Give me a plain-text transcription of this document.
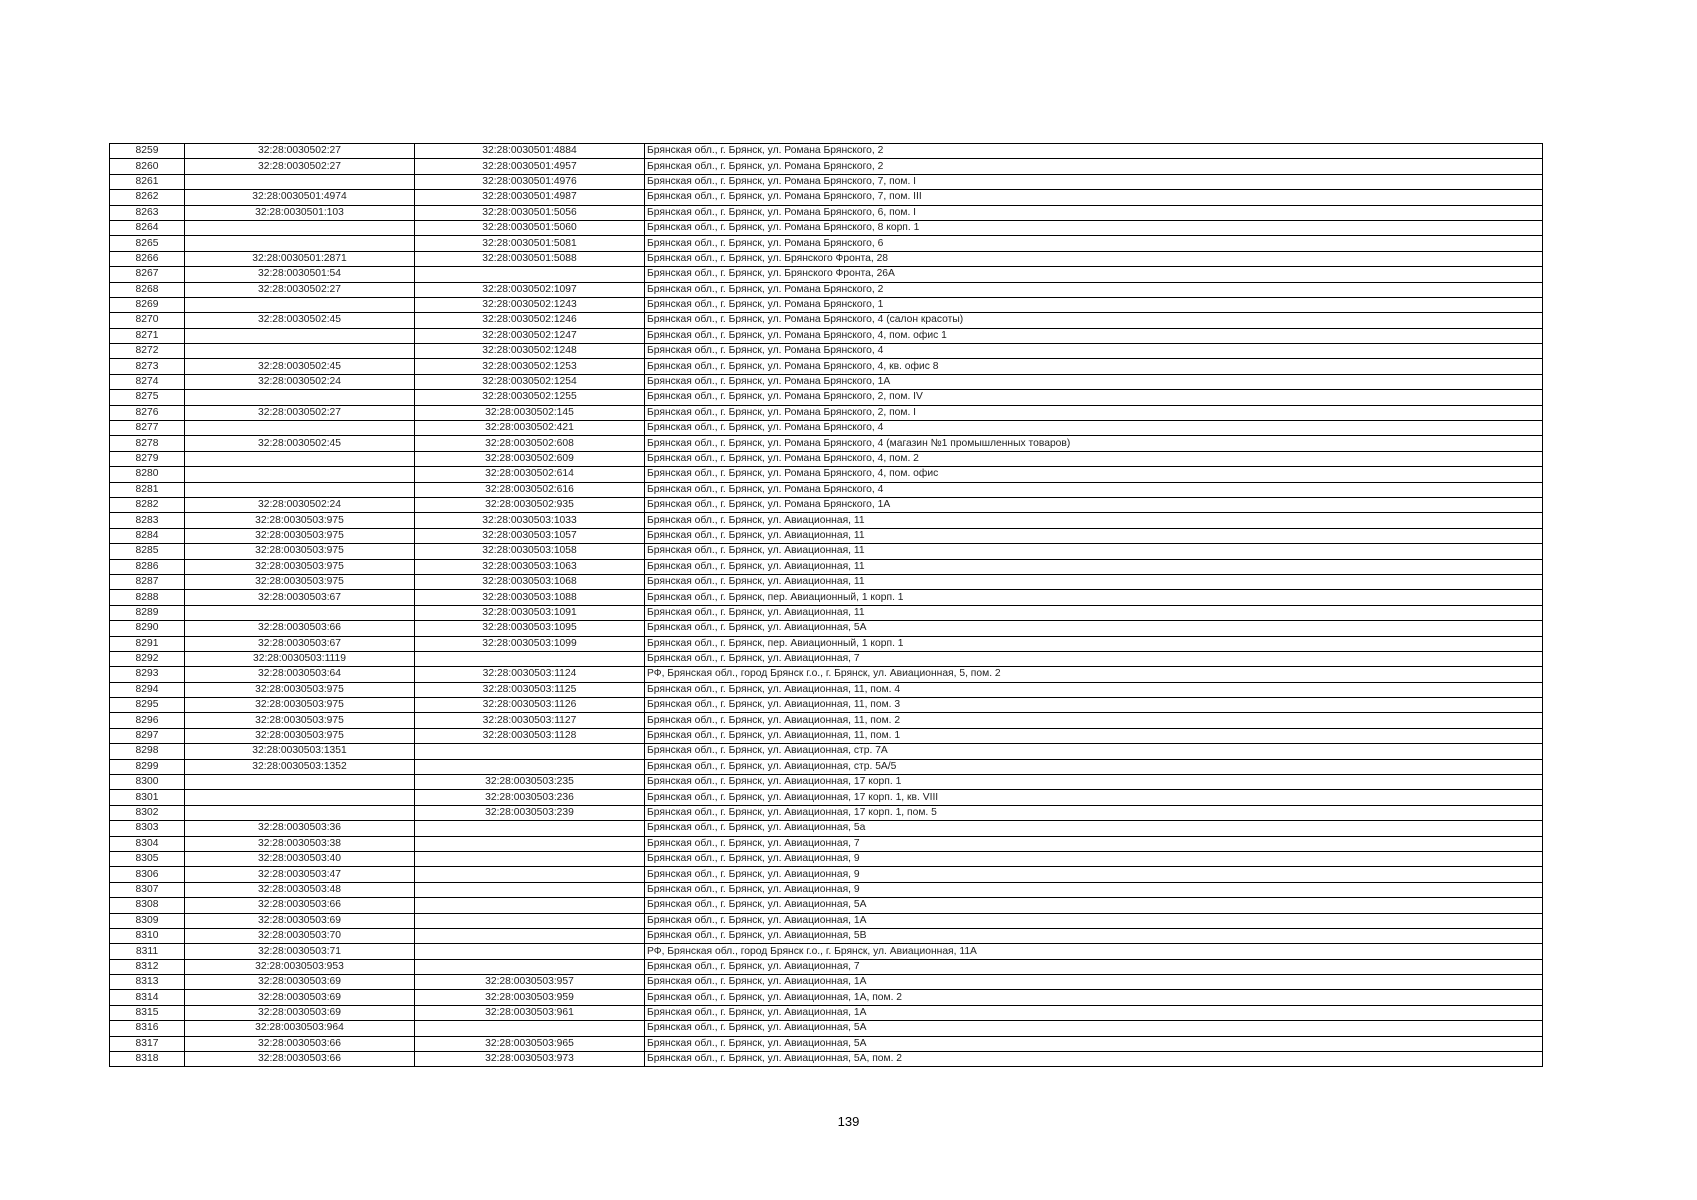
8259	32:28:0030502:27	32:28:0030501:4884	Брянская обл., г. Брянск, ул. Романа Брянского, 2
8260	32:28:0030502:27	32:28:0030501:4957	Брянская обл., г. Брянск, ул. Романа Брянского, 2
8261		32:28:0030501:4976	Брянская обл., г. Брянск, ул. Романа Брянского, 7, пом. I
8262	32:28:0030501:4974	32:28:0030501:4987	Брянская обл., г. Брянск, ул. Романа Брянского, 7, пом. III
8263	32:28:0030501:103	32:28:0030501:5056	Брянская обл., г. Брянск, ул. Романа Брянского, 6, пом. I
8264		32:28:0030501:5060	Брянская обл., г. Брянск, ул. Романа Брянского, 8 корп. 1
8265		32:28:0030501:5081	Брянская обл., г. Брянск, ул. Романа Брянского, 6
8266	32:28:0030501:2871	32:28:0030501:5088	Брянская обл., г. Брянск, ул. Брянского Фронта, 28
8267	32:28:0030501:54		Брянская обл., г. Брянск, ул. Брянского Фронта, 26А
8268	32:28:0030502:27	32:28:0030502:1097	Брянская обл., г. Брянск, ул. Романа Брянского, 2
8269		32:28:0030502:1243	Брянская обл., г. Брянск, ул. Романа Брянского, 1
8270	32:28:0030502:45	32:28:0030502:1246	Брянская обл., г. Брянск, ул. Романа Брянского, 4 (салон красоты)
8271		32:28:0030502:1247	Брянская обл., г. Брянск, ул. Романа Брянского, 4, пом. офис 1
8272		32:28:0030502:1248	Брянская обл., г. Брянск, ул. Романа Брянского, 4
8273	32:28:0030502:45	32:28:0030502:1253	Брянская обл., г. Брянск, ул. Романа Брянского, 4, кв. офис 8
8274	32:28:0030502:24	32:28:0030502:1254	Брянская обл., г. Брянск, ул. Романа Брянского, 1А
8275		32:28:0030502:1255	Брянская обл., г. Брянск, ул. Романа Брянского, 2, пом. IV
8276	32:28:0030502:27	32:28:0030502:145	Брянская обл., г. Брянск, ул. Романа Брянского, 2, пом. I
8277		32:28:0030502:421	Брянская обл., г. Брянск, ул. Романа Брянского, 4
8278	32:28:0030502:45	32:28:0030502:608	Брянская обл., г. Брянск, ул. Романа Брянского, 4 (магазин №1 промышленных товаров)
8279		32:28:0030502:609	Брянская обл., г. Брянск, ул. Романа Брянского, 4, пом. 2
8280		32:28:0030502:614	Брянская обл., г. Брянск, ул. Романа Брянского, 4, пом. офис
8281		32:28:0030502:616	Брянская обл., г. Брянск, ул. Романа Брянского, 4
8282	32:28:0030502:24	32:28:0030502:935	Брянская обл., г. Брянск, ул. Романа Брянского, 1А
8283	32:28:0030503:975	32:28:0030503:1033	Брянская обл., г. Брянск, ул. Авиационная, 11
8284	32:28:0030503:975	32:28:0030503:1057	Брянская обл., г. Брянск, ул. Авиационная, 11
8285	32:28:0030503:975	32:28:0030503:1058	Брянская обл., г. Брянск, ул. Авиационная, 11
8286	32:28:0030503:975	32:28:0030503:1063	Брянская обл., г. Брянск, ул. Авиационная, 11
8287	32:28:0030503:975	32:28:0030503:1068	Брянская обл., г. Брянск, ул. Авиационная, 11
8288	32:28:0030503:67	32:28:0030503:1088	Брянская обл., г. Брянск, пер. Авиационный, 1 корп. 1
8289		32:28:0030503:1091	Брянская обл., г. Брянск, ул. Авиационная, 11
8290	32:28:0030503:66	32:28:0030503:1095	Брянская обл., г. Брянск, ул. Авиационная, 5А
8291	32:28:0030503:67	32:28:0030503:1099	Брянская обл., г. Брянск, пер. Авиационный, 1 корп. 1
8292	32:28:0030503:1119		Брянская обл., г. Брянск, ул. Авиационная, 7
8293	32:28:0030503:64	32:28:0030503:1124	РФ, Брянская обл., город Брянск г.о., г. Брянск, ул. Авиационная, 5, пом. 2
8294	32:28:0030503:975	32:28:0030503:1125	Брянская обл., г. Брянск, ул. Авиационная, 11, пом. 4
8295	32:28:0030503:975	32:28:0030503:1126	Брянская обл., г. Брянск, ул. Авиационная, 11, пом. 3
8296	32:28:0030503:975	32:28:0030503:1127	Брянская обл., г. Брянск, ул. Авиационная, 11, пом. 2
8297	32:28:0030503:975	32:28:0030503:1128	Брянская обл., г. Брянск, ул. Авиационная, 11, пом. 1
8298	32:28:0030503:1351		Брянская обл., г. Брянск, ул. Авиационная, стр. 7А
8299	32:28:0030503:1352		Брянская обл., г. Брянск, ул. Авиационная, стр. 5А/5
8300		32:28:0030503:235	Брянская обл., г. Брянск, ул. Авиационная, 17 корп. 1
8301		32:28:0030503:236	Брянская обл., г. Брянск, ул. Авиационная, 17 корп. 1, кв. VIII
8302		32:28:0030503:239	Брянская обл., г. Брянск, ул. Авиационная, 17 корп. 1, пом. 5
8303	32:28:0030503:36		Брянская обл., г. Брянск, ул. Авиационная, 5а
8304	32:28:0030503:38		Брянская обл., г. Брянск, ул. Авиационная, 7
8305	32:28:0030503:40		Брянская обл., г. Брянск, ул. Авиационная, 9
8306	32:28:0030503:47		Брянская обл., г. Брянск, ул. Авиационная, 9
8307	32:28:0030503:48		Брянская обл., г. Брянск, ул. Авиационная, 9
8308	32:28:0030503:66		Брянская обл., г. Брянск, ул. Авиационная, 5А
8309	32:28:0030503:69		Брянская обл., г. Брянск, ул. Авиационная, 1А
8310	32:28:0030503:70		Брянская обл., г. Брянск, ул. Авиационная, 5В
8311	32:28:0030503:71		РФ, Брянская обл., город Брянск г.о., г. Брянск, ул. Авиационная, 11А
8312	32:28:0030503:953		Брянская обл., г. Брянск, ул. Авиационная, 7
8313	32:28:0030503:69	32:28:0030503:957	Брянская обл., г. Брянск, ул. Авиационная, 1А
8314	32:28:0030503:69	32:28:0030503:959	Брянская обл., г. Брянск, ул. Авиационная, 1А, пом. 2
8315	32:28:0030503:69	32:28:0030503:961	Брянская обл., г. Брянск, ул. Авиационная, 1А
8316	32:28:0030503:964		Брянская обл., г. Брянск, ул. Авиационная, 5А
8317	32:28:0030503:66	32:28:0030503:965	Брянская обл., г. Брянск, ул. Авиационная, 5А
8318	32:28:0030503:66	32:28:0030503:973	Брянская обл., г. Брянск, ул. Авиационная, 5А, пом. 2
139
